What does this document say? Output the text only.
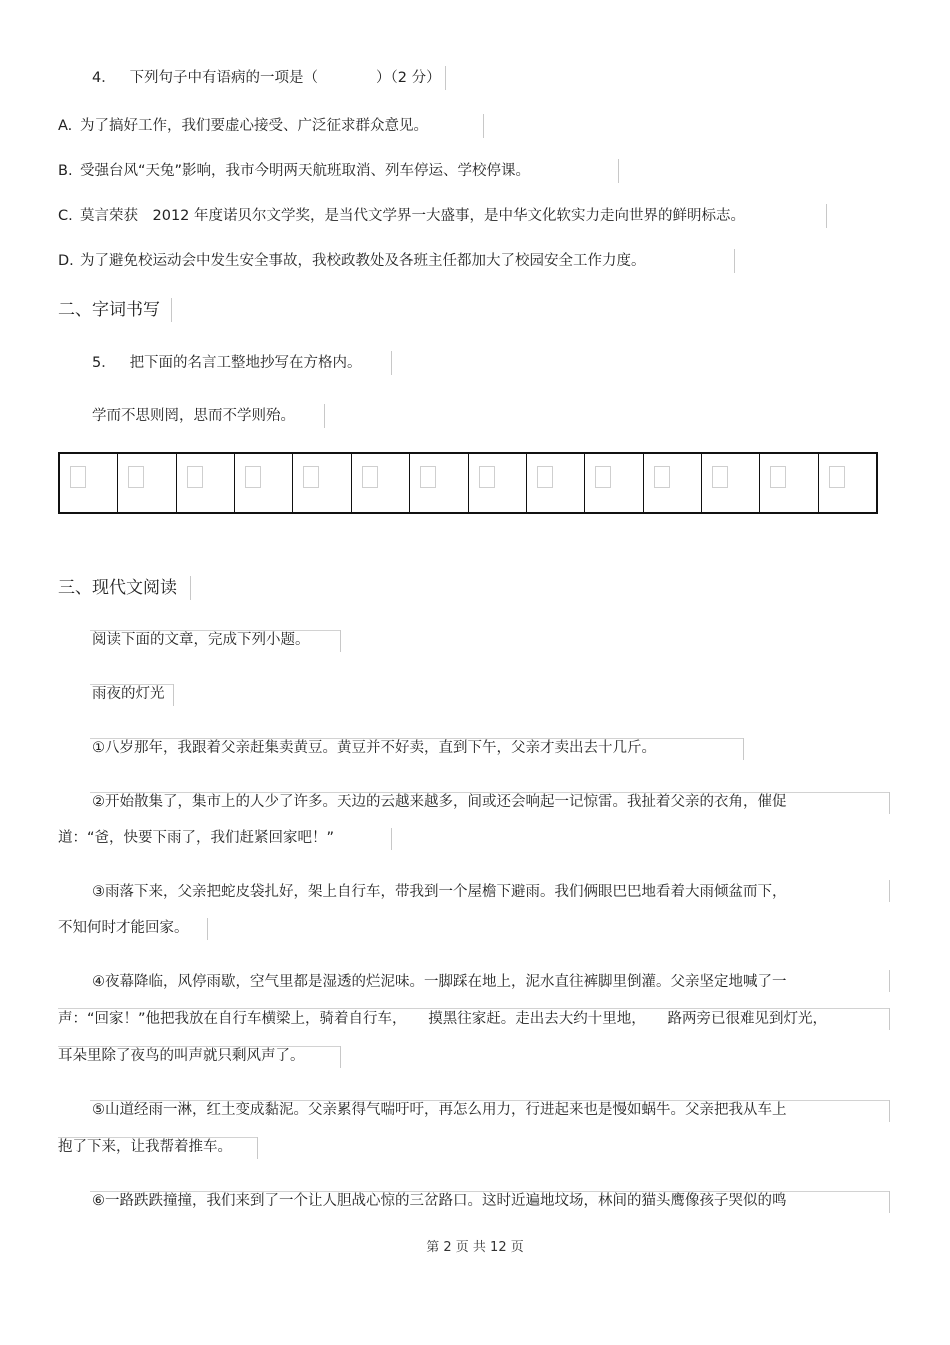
4． 下列句子中有语病的一项是（　　　　）（2 分）
A. 为了搞好工作，我们要虚心接受、广泛征求群众意见。
B. 受强台风“天兔”影响，我市今明两天航班取消、列车停运、学校停课。
C. 莫言荣获　2012 年度诺贝尔文学奖，是当代文学界一大盛事，是中华文化软实力走向世界的鲜明标志。
D. 为了避免校运动会中发生安全事故，我校政教处及各班主任都加大了校园安全工作力度。
二、字词书写
5． 把下面的名言工整地抄写在方格内。
学而不思则罔，思而不学则殆。
三、现代文阅读
阅读下面的文章，完成下列小题。
雨夜的灯光
①八岁那年，我跟着父亲赶集卖黄豆。黄豆并不好卖，直到下午，父亲才卖出去十几斤。
②开始散集了，集市上的人少了许多。天边的云越来越多，间或还会响起一记惊雷。我扯着父亲的衣角，催促
道：“爸，快要下雨了，我们赶紧回家吧！”
③雨落下来，父亲把蛇皮袋扎好，架上自行车，带我到一个屋檐下避雨。我们俩眼巴巴地看着大雨倾盆而下，
不知何时才能回家。
④夜幕降临，风停雨歇，空气里都是湿透的烂泥味。一脚踩在地上，泥水直往裤脚里倒灌。父亲坚定地喊了一
声：“回家！”他把我放在自行车横梁上，骑着自行车，　　摸黑往家赶。走出去大约十里地，　　路两旁已很难见到灯光，
耳朵里除了夜鸟的叫声就只剩风声了。
⑤山道经雨一淋，红土变成黏泥。父亲累得气喘吁吁，再怎么用力，行进起来也是慢如蜗牛。父亲把我从车上
抱了下来，让我帮着推车。
⑥一路跌跌撞撞，我们来到了一个让人胆战心惊的三岔路口。这时近遍地坟场，林间的猫头鹰像孩子哭似的鸣
第 2 页 共 12 页
